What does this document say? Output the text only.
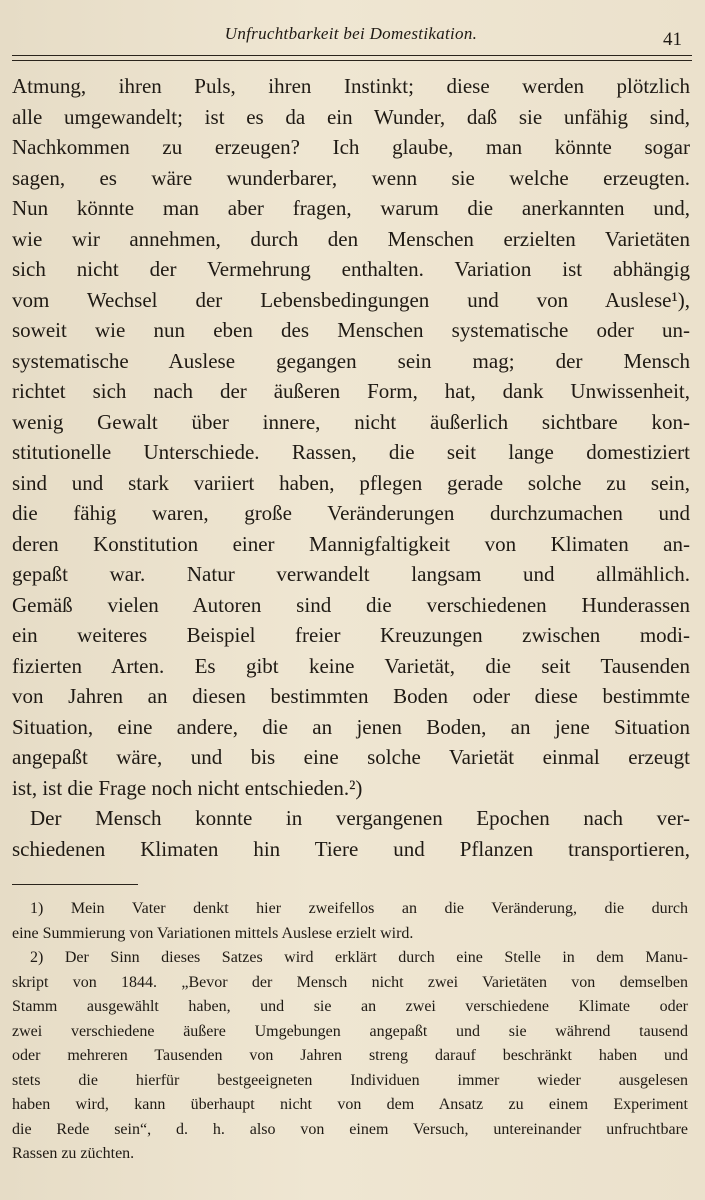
Unfruchtbarkeit bei Domestikation.	41
Atmung, ihren Puls, ihren Instinkt; diese werden plötzlich
alle umgewandelt; ist es da ein Wunder, daß sie unfähig sind,
Nachkommen zu erzeugen? Ich glaube, man könnte sogar
sagen, es wäre wunderbarer, wenn sie welche erzeugten.
Nun könnte man aber fragen, warum die anerkannten und,
wie wir annehmen, durch den Menschen erzielten Varietäten
sich nicht der Vermehrung enthalten. Variation ist abhängig
vom Wechsel der Lebensbedingungen und von Auslese¹),
soweit wie nun eben des Menschen systematische oder un-
systematische Auslese gegangen sein mag; der Mensch
richtet sich nach der äußeren Form, hat, dank Unwissenheit,
wenig Gewalt über innere, nicht äußerlich sichtbare kon-
stitutionelle Unterschiede. Rassen, die seit lange domestiziert
sind und stark variiert haben, pflegen gerade solche zu sein,
die fähig waren, große Veränderungen durchzumachen und
deren Konstitution einer Mannigfaltigkeit von Klimaten an-
gepaßt war. Natur verwandelt langsam und allmählich.
Gemäß vielen Autoren sind die verschiedenen Hunderassen
ein weiteres Beispiel freier Kreuzungen zwischen modi-
fizierten Arten. Es gibt keine Varietät, die seit Tausenden
von Jahren an diesen bestimmten Boden oder diese bestimmte
Situation, eine andere, die an jenen Boden, an jene Situation
angepaßt wäre, und bis eine solche Varietät einmal erzeugt
ist, ist die Frage noch nicht entschieden.²)
Der Mensch konnte in vergangenen Epochen nach ver-
schiedenen Klimaten hin Tiere und Pflanzen transportieren,
1) Mein Vater denkt hier zweifellos an die Veränderung, die durch
eine Summierung von Variationen mittels Auslese erzielt wird.
2) Der Sinn dieses Satzes wird erklärt durch eine Stelle in dem Manu-
skript von 1844. „Bevor der Mensch nicht zwei Varietäten von demselben
Stamm ausgewählt haben, und sie an zwei verschiedene Klimate oder
zwei verschiedene äußere Umgebungen angepaßt und sie während tausend
oder mehreren Tausenden von Jahren streng darauf beschränkt haben und
stets die hierfür bestgeeigneten Individuen immer wieder ausgelesen
haben wird, kann überhaupt nicht von dem Ansatz zu einem Experiment
die Rede sein“, d. h. also von einem Versuch, untereinander unfruchtbare
Rassen zu züchten.
